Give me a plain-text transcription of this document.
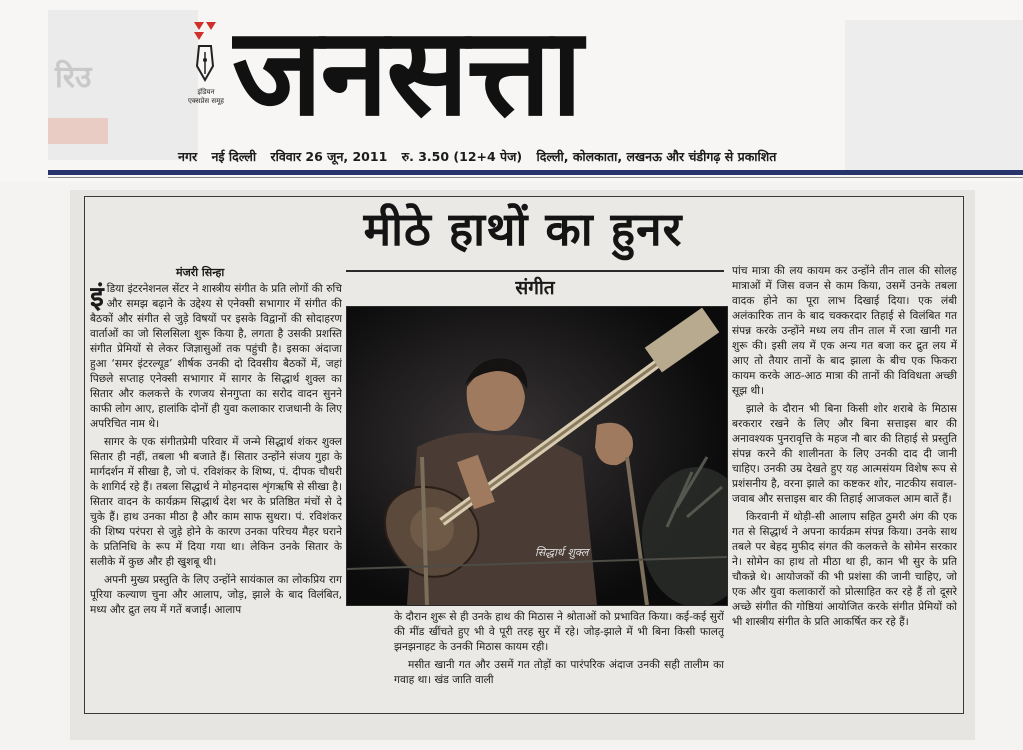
रिउ	इंडियन एक्सप्रेस समूह जनसत्ता
नगर नई दिल्ली रविवार 26 जून, 2011 रु. 3.50 (12+4 पेज) दिल्ली, कोलकाता, लखनऊ और चंडीगढ़ से प्रकाशित
मीठे हाथों का हुनर
मंजरी सिन्हा

इंडिया इंटरनेशनल सेंटर ने शास्त्रीय संगीत के प्रति लोगों की रुचि और समझ बढ़ाने के उद्देश्य से एनेक्सी सभागार में संगीत की बैठकों और संगीत से जुड़े विषयों पर इसके विद्वानों की सोदाहरण वार्ताओं का जो सिलसिला शुरू किया है, लगता है उसकी प्रशस्ति संगीत प्रेमियों से लेकर जिज्ञासुओं तक पहुंची है। इसका अंदाजा हुआ ‘समर इंटरल्यूड’ शीर्षक उनकी दो दिवसीय बैठकों में, जहां पिछले सप्ताह एनेक्सी सभागार में सागर के सिद्धार्थ शुक्ल का सितार और कलकत्ते के रणजय सेनगुप्ता का सरोद वादन सुनने काफी लोग आए, हालांकि दोनों ही युवा कलाकार राजधानी के लिए अपरिचित नाम थे।

सागर के एक संगीतप्रेमी परिवार में जन्मे सिद्धार्थ शंकर शुक्ल सितार ही नहीं, तबला भी बजाते हैं। सितार उन्होंने संजय गुहा के मार्गदर्शन में सीखा है, जो पं. रविशंकर के शिष्य, पं. दीपक चौधरी के शागिर्द रहे हैं। तबला सिद्धार्थ ने मोहनदास शृंगऋषि से सीखा है। सितार वादन के कार्यक्रम सिद्धार्थ देश भर के प्रतिष्ठित मंचों से दे चुके हैं। हाथ उनका मीठा है और काम साफ सुथरा। पं. रविशंकर की शिष्य परंपरा से जुड़े होने के कारण उनका परिचय मैहर घराने के प्रतिनिधि के रूप में दिया गया था। लेकिन उनके सितार के सलीके में कुछ और ही खुशबू थी।

अपनी मुख्य प्रस्तुति के लिए उन्होंने सायंकाल का लोकप्रिय राग पूरिया कल्याण चुना और आलाप, जोड़, झाले के बाद विलंबित, मध्य और द्रुत लय में गतें बजाईं। आलाप

संगीत
सिद्धार्थ शुक्ल

के दौरान शुरू से ही उनके हाथ की मिठास ने श्रोताओं को प्रभावित किया। कई-कई सुरों की मींड खींचते हुए भी वे पूरी तरह सुर में रहे। जोड़-झाले में भी बिना किसी फालतू झनझनाहट के उनकी मिठास कायम रही।

मसीत खानी गत और उसमें गत तोड़ों का पारंपरिक अंदाज उनकी सही तालीम का गवाह था। खंड जाति वाली

पांच मात्रा की लय कायम कर उन्होंने तीन ताल की सोलह मात्राओं में जिस वजन से काम किया, उसमें उनके तबला वादक होने का पूरा लाभ दिखाई दिया। एक लंबी अलंकारिक तान के बाद चक्करदार तिहाई से विलंबित गत संपन्न करके उन्होंने मध्य लय तीन ताल में रजा खानी गत शुरू की। इसी लय में एक अन्य गत बजा कर द्रुत लय में आए तो तैयार तानों के बाद झाला के बीच एक फिकरा कायम करके आठ-आठ मात्रा की तानों की विविधता अच्छी सूझ थी।

झाले के दौरान भी बिना किसी शोर शराबे के मिठास बरकरार रखने के लिए और बिना सत्ताइस बार की अनावश्यक पुनरावृत्ति के महज नौ बार की तिहाई से प्रस्तुति संपन्न करने की शालीनता के लिए उनकी दाद दी जानी चाहिए। उनकी उम्र देखते हुए यह आत्मसंयम विशेष रूप से प्रशंसनीय है, वरना झाले का कष्टकर शोर, नाटकीय सवाल-जवाब और सत्ताइस बार की तिहाई आजकल आम बातें हैं।

किरवानी में थोड़ी-सी आलाप सहित ठुमरी अंग की एक गत से सिद्धार्थ ने अपना कार्यक्रम संपन्न किया। उनके साथ तबले पर बेहद मुफीद संगत की कलकत्ते के सोमेन सरकार ने। सोमेन का हाथ तो मीठा था ही, कान भी सुर के प्रति चौकन्ने थे। आयोजकों की भी प्रशंसा की जानी चाहिए, जो एक और युवा कलाकारों को प्रोत्साहित कर रहे हैं तो दूसरे अच्छे संगीत की गोष्ठियां आयोजित करके संगीत प्रेमियों को भी शास्त्रीय संगीत के प्रति आकर्षित कर रहे हैं।
